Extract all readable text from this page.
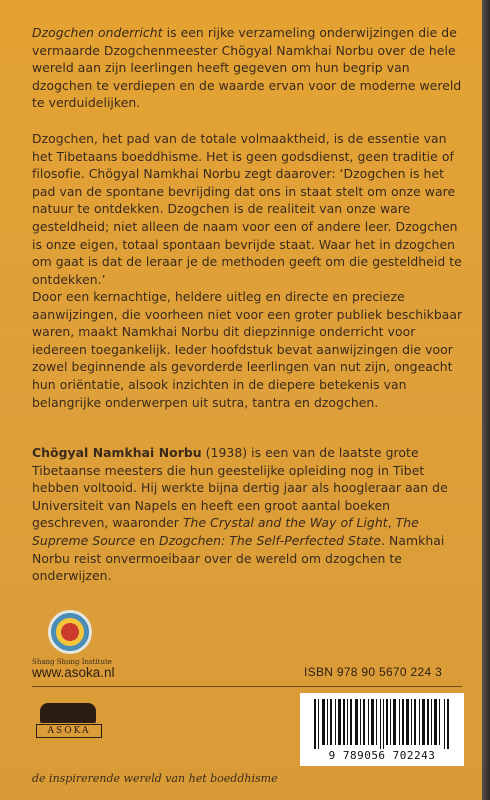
Dzogchen onderricht is een rijke verzameling onderwijzingen die de vermaarde Dzogchenmeester Chögyal Namkhai Norbu over de hele wereld aan zijn leerlingen heeft gegeven om hun begrip van dzogchen te verdiepen en de waarde ervan voor de moderne wereld te verduidelijken.

Dzogchen, het pad van de totale volmaaktheid, is de essentie van het Tibetaans boeddhisme. Het is geen godsdienst, geen traditie of filosofie. Chögyal Namkhai Norbu zegt daarover: ‘Dzogchen is het pad van de spontane bevrijding dat ons in staat stelt om onze ware natuur te ontdekken. Dzogchen is de realiteit van onze ware gesteldheid; niet alleen de naam voor een of andere leer. Dzogchen is onze eigen, totaal spontaan bevrijde staat. Waar het in dzogchen om gaat is dat de leraar je de methoden geeft om die gesteldheid te ontdekken.’

Door een kernachtige, heldere uitleg en directe en precieze aanwijzingen, die voorheen niet voor een groter publiek beschikbaar waren, maakt Namkhai Norbu dit diepzinnige onderricht voor iedereen toegankelijk. Ieder hoofdstuk bevat aanwijzingen die voor zowel beginnende als gevorderde leerlingen van nut zijn, ongeacht hun oriëntatie, alsook inzichten in de diepere betekenis van belangrijke onderwerpen uit sutra, tantra en dzogchen.

Chögyal Namkhai Norbu (1938) is een van de laatste grote Tibetaanse meesters die hun geestelijke opleiding nog in Tibet hebben voltooid. Hij werkte bijna dertig jaar als hoogleraar aan de Universiteit van Napels en heeft een groot aantal boeken geschreven, waaronder The Crystal and the Way of Light, The Supreme Source en Dzogchen: The Self-Perfected State. Namkhai Norbu reist onvermoeibaar over de wereld om dzogchen te onderwijzen.

Shang Shung Institute
www.asoka.nl	ISBN 978 90 5670 224 3
ASOKA
9 789056 702243
de inspirerende wereld van het boeddhisme
